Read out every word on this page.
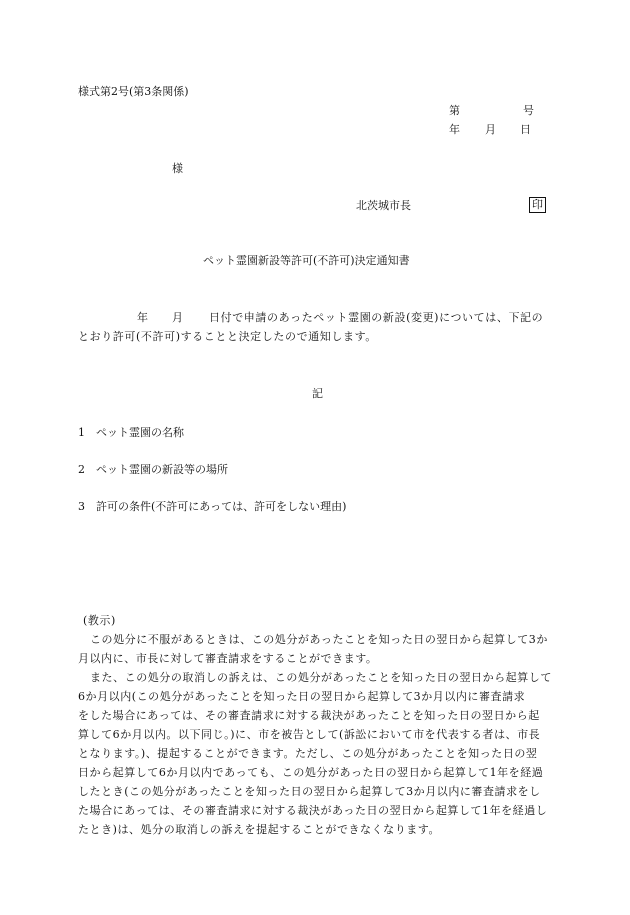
様式第2号(第3条関係)
第	号
年 月 日
様
北茨城市長	印
ペット霊園新設等許可(不許可)決定通知書
年 月 日付で申請のあったペット霊園の新設(変更)については、下記の
とおり許可(不許可)することと決定したので通知します。
記
1　ペット霊園の名称
2　ペット霊園の新設等の場所
3　許可の条件(不許可にあっては、許可をしない理由)
(教示)
この処分に不服があるときは、この処分があったことを知った日の翌日から起算して3か
月以内に、市長に対して審査請求をすることができます。
また、この処分の取消しの訴えは、この処分があったことを知った日の翌日から起算して
6か月以内(この処分があったことを知った日の翌日から起算して3か月以内に審査請求
をした場合にあっては、その審査請求に対する裁決があったことを知った日の翌日から起
算して6か月以内。以下同じ。)に、市を被告として(訴訟において市を代表する者は、市長
となります。)、提起することができます。ただし、この処分があったことを知った日の翌
日から起算して6か月以内であっても、この処分があった日の翌日から起算して1年を経過
したとき(この処分があったことを知った日の翌日から起算して3か月以内に審査請求をし
た場合にあっては、その審査請求に対する裁決があった日の翌日から起算して1年を経過し
たとき)は、処分の取消しの訴えを提起することができなくなります。
